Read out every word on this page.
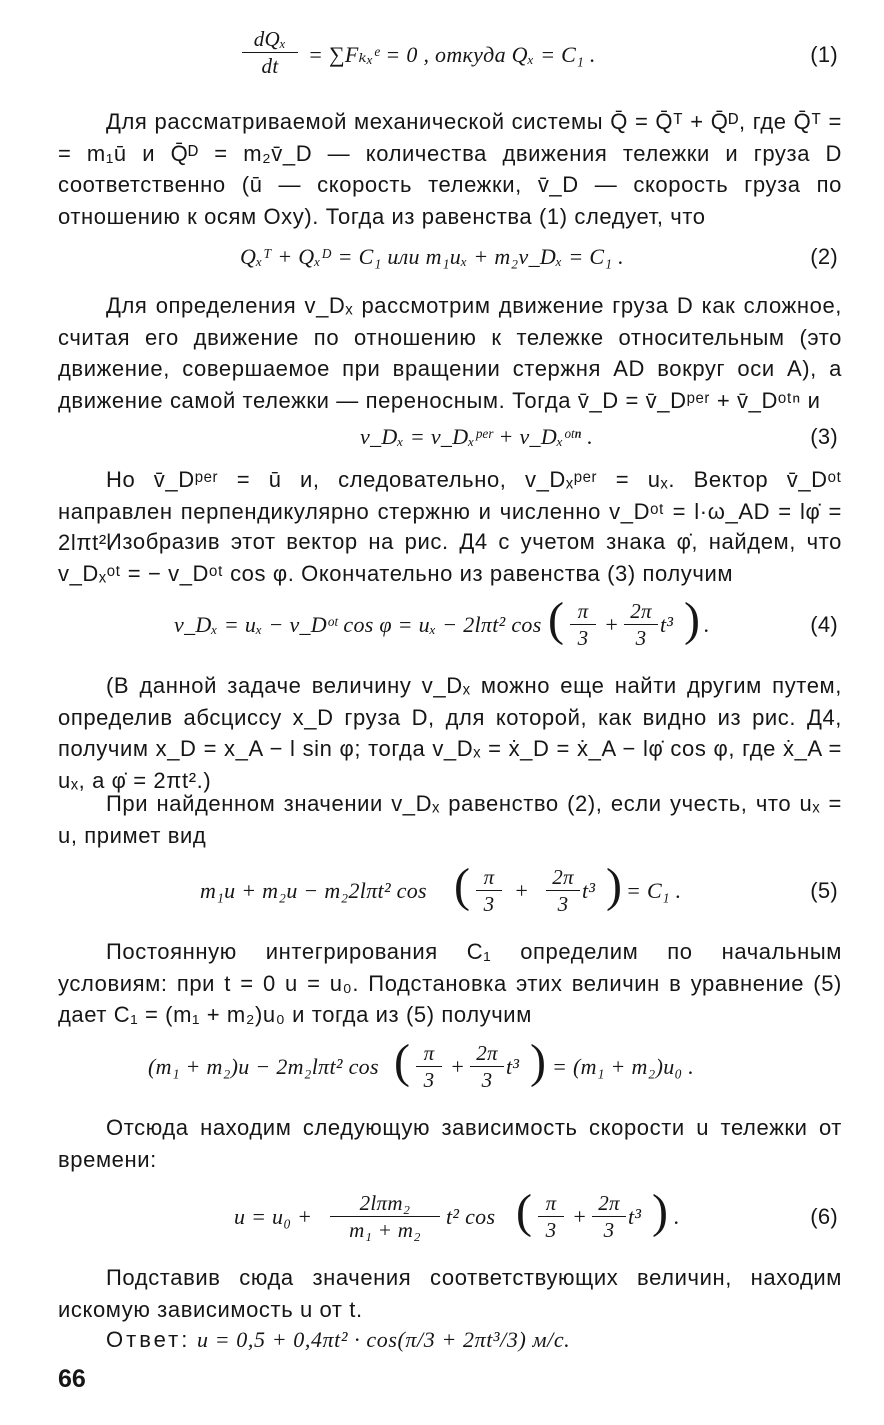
dQₓ
dt	= ∑Fₖₓᵉ = 0 , откуда Qₓ = C₁ .	(1)
Для рассматриваемой механической системы Q̄ = Q̄ᵀ + Q̄ᴰ, где Q̄ᵀ = = m₁ū и Q̄ᴰ = m₂v̄_D — количества движения тележки и груза D соответственно (ū — скорость тележки, v̄_D — скорость груза по отношению к осям Oxy). Тогда из равенства (1) следует, что
Qₓᵀ + Qₓᴰ = C₁ или m₁uₓ + m₂v_Dₓ = C₁ .	(2)
Для определения v_Dₓ рассмотрим движение груза D как сложное, считая его движение по отношению к тележке относительным (это движение, совершаемое при вращении стержня AD вокруг оси A), а движение самой тележки — переносным. Тогда v̄_D = v̄_Dᵖᵉʳ + v̄_Dᵒᵗⁿ и
v_Dₓ = v_Dₓᵖᵉʳ + v_Dₓᵒᵗⁿ .	(3)
Но v̄_Dᵖᵉʳ = ū и, следовательно, v_Dₓᵖᵉʳ = uₓ. Вектор v̄_Dᵒᵗ направлен перпендикулярно стержню и численно v_Dᵒᵗ = l·ω_AD = lφ̇ = 2lπt².
Изобразив этот вектор на рис. Д4 с учетом знака φ̇, найдем, что v_Dₓᵒᵗ = − v_Dᵒᵗ cos φ. Окончательно из равенства (3) получим
v_Dₓ = uₓ − v_Dᵒᵗ cos φ = uₓ − 2lπt² cos ( $\frac{\pi}{3} + \frac{2\pi}{3} t^3$ ) .	(4)
(В данной задаче величину v_Dₓ можно еще найти другим путем, определив абсциссу x_D груза D, для которой, как видно из рис. Д4, получим x_D = x_A − l sin φ; тогда v_Dₓ = ẋ_D = ẋ_A − lφ̇ cos φ, где ẋ_A = uₓ, а φ̇ = 2πt².)
При найденном значении v_Dₓ равенство (2), если учесть, что uₓ = u, примет вид
m₁u + m₂u − m₂2lπt² cos ( $\frac{\pi}{3} + \frac{2\pi}{3} t^3$ ) = C₁ .	(5)
Постоянную интегрирования C₁ определим по начальным условиям: при t = 0 u = u₀. Подстановка этих величин в уравнение (5) дает C₁ = (m₁ + m₂)u₀ и тогда из (5) получим
(m₁ + m₂)u − 2m₂lπt² cos ( $\frac{\pi}{3} + \frac{2\pi}{3} t^3$ ) = (m₁ + m₂)u₀ .
Отсюда находим следующую зависимость скорости u тележки от времени:
u = u₀ +
2lπm₂
m₁ + m₂
t² cos ( $\frac{\pi}{3} + \frac{2\pi}{3} t^3$ ) .	(6)
Подставив сюда значения соответствующих величин, находим искомую зависимость u от t.
Ответ: u = 0,5 + 0,4πt² · cos(π/3 + 2πt³/3) м/с.
66
